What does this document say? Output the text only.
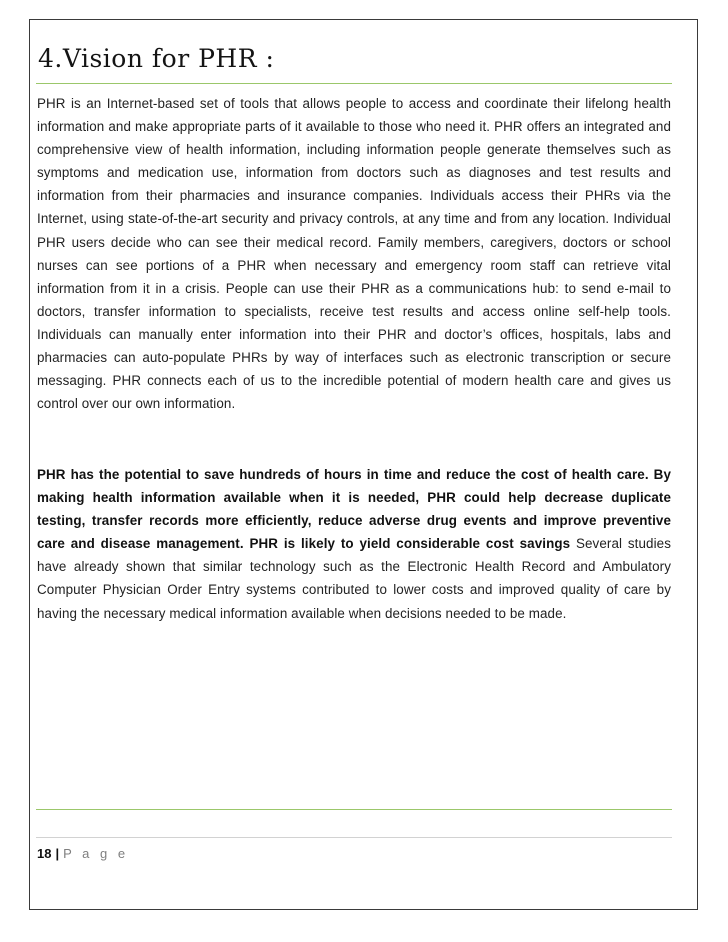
4.Vision for PHR :

PHR is an Internet-based set of tools that allows people to access and coordinate their lifelong health information and make appropriate parts of it available to those who need it. PHR offers an integrated and comprehensive view of health information, including information people generate themselves such as symptoms and medication use, information from doctors such as diagnoses and test results and information from their pharmacies and insurance companies. Individuals access their PHRs via the Internet, using state-of-the-art security and privacy controls, at any time and from any location. Individual PHR users decide who can see their medical record. Family members, caregivers, doctors or school nurses can see portions of a PHR when necessary and emergency room staff can retrieve vital information from it in a crisis. People can use their PHR as a communications hub: to send e-mail to doctors, transfer information to specialists, receive test results and access online self-help tools. Individuals can manually enter information into their PHR and doctor’s offices, hospitals, labs and pharmacies can auto-populate PHRs by way of interfaces such as electronic transcription or secure messaging. PHR connects each of us to the incredible potential of modern health care and gives us control over our own information.

PHR has the potential to save hundreds of hours in time and reduce the cost of health care. By making health information available when it is needed, PHR could help decrease duplicate testing, transfer records more efficiently, reduce adverse drug events and improve preventive care and disease management. PHR is likely to yield considerable cost savings Several studies have already shown that similar technology such as the Electronic Health Record and Ambulatory Computer Physician Order Entry systems contributed to lower costs and improved quality of care by having the necessary medical information available when decisions needed to be made.

18 | P a g e
